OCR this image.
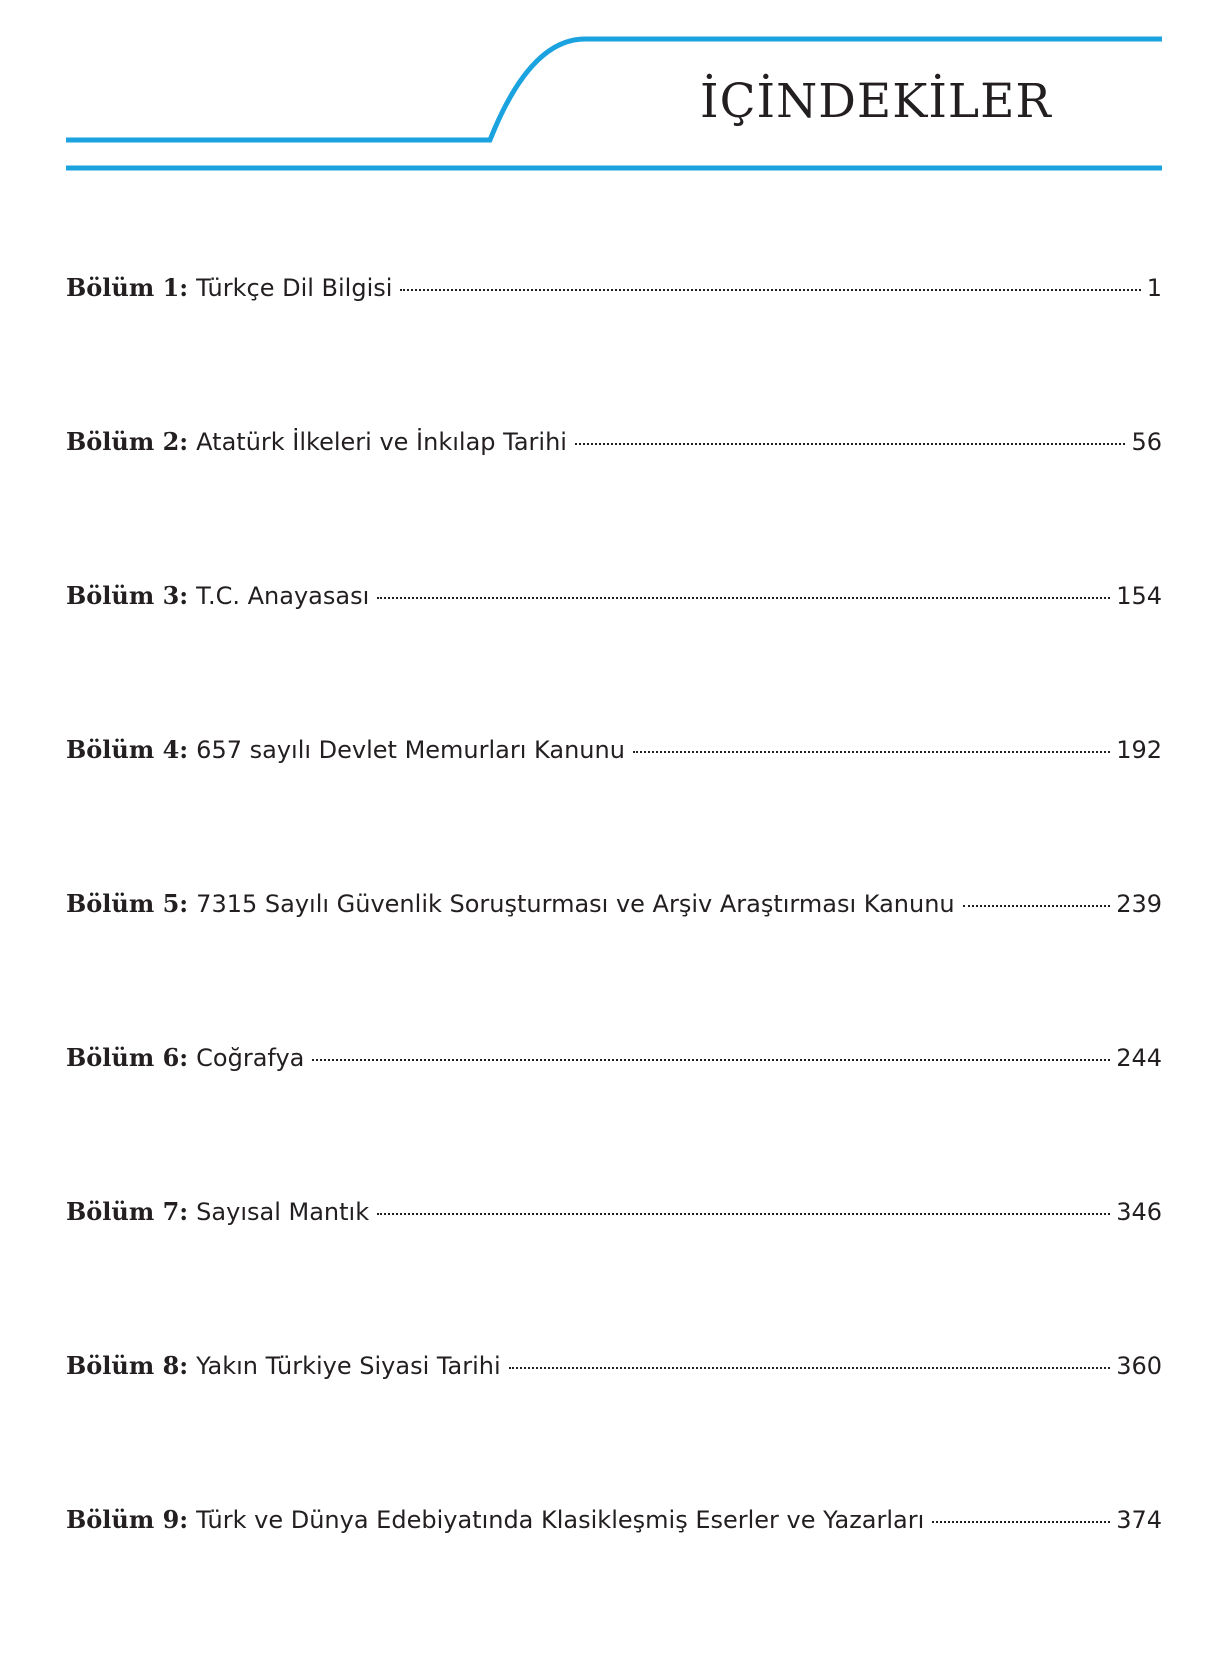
İÇİNDEKİLER
Bölüm 1: Türkçe Dil Bilgisi	1
Bölüm 2: Atatürk İlkeleri ve İnkılap Tarihi	56
Bölüm 3: T.C. Anayasası	154
Bölüm 4: 657 sayılı Devlet Memurları Kanunu	192
Bölüm 5: 7315 Sayılı Güvenlik Soruşturması ve Arşiv Araştırması Kanunu	239
Bölüm 6: Coğrafya	244
Bölüm 7: Sayısal Mantık	346
Bölüm 8: Yakın Türkiye Siyasi Tarihi	360
Bölüm 9: Türk ve Dünya Edebiyatında Klasikleşmiş Eserler ve Yazarları	374
